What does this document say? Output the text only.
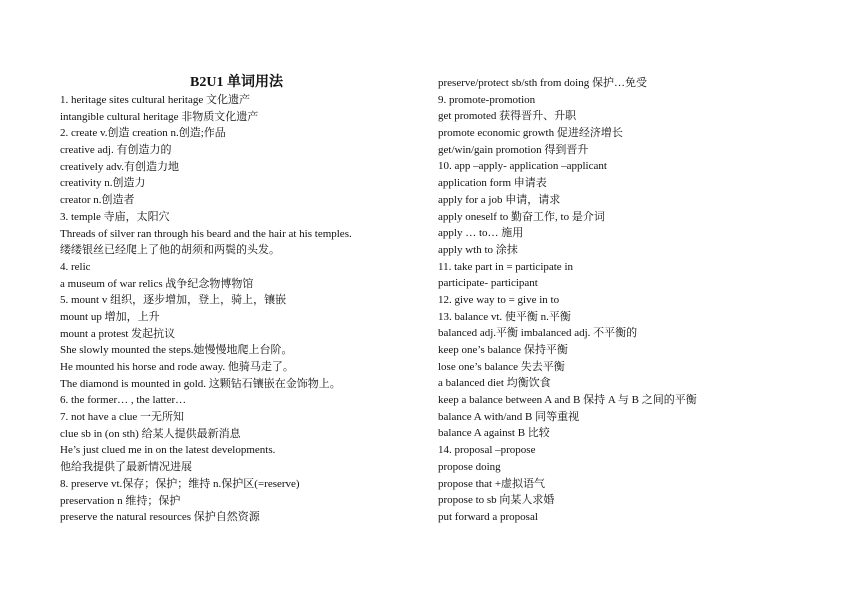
B2U1 单词用法
1. heritage sites cultural heritage 文化遗产
intangible cultural heritage 非物质文化遗产
2. create v.创造 creation n.创造;作品
creative adj. 有创造力的
creatively adv.有创造力地
creativity n.创造力
creator n.创造者
3. temple 寺庙，太阳穴
Threads of silver ran through his beard and the hair at his temples.
缕缕银丝已经爬上了他的胡须和两鬓的头发。
4. relic
a museum of war relics 战争纪念物博物馆
5. mount v 组织，逐步增加，登上，骑上，镶嵌
mount up 增加，上升
mount a protest 发起抗议
She slowly mounted the steps.她慢慢地爬上台阶。
He mounted his horse and rode away. 他骑马走了。
The diamond is mounted in gold. 这颗钻石镶嵌在金饰物上。
6. the former… , the latter…
7. not have a clue 一无所知
clue sb in (on sth) 给某人提供最新消息
He’s just clued me in on the latest developments.
他给我提供了最新情况进展
8. preserve vt.保存；保护；维持 n.保护区(=reserve)
preservation n 维持；保护
preserve the natural resources 保护自然资源
preserve/protect sb/sth from doing 保护…免受
9. promote-promotion
get promoted 获得晋升、升职
promote economic growth 促进经济增长
get/win/gain promotion 得到晋升
10. app –apply- application –applicant
application form 申请表
apply for a job 申请，请求
apply oneself to 勤奋工作, to 是介词
apply … to… 施用
apply wth to 涂抹
11. take part in = participate in
participate- participant
12. give way to = give in to
13. balance vt. 使平衡 n.平衡
balanced adj.平衡 imbalanced adj. 不平衡的
keep one’s balance 保持平衡
lose one’s balance 失去平衡
a balanced diet 均衡饮食
keep a balance between A and B 保持 A 与 B 之间的平衡
balance A with/and B 同等重视
balance A against B 比较
14. proposal –propose
propose doing
propose that +虚拟语气
propose to sb 向某人求婚
put forward a proposal
